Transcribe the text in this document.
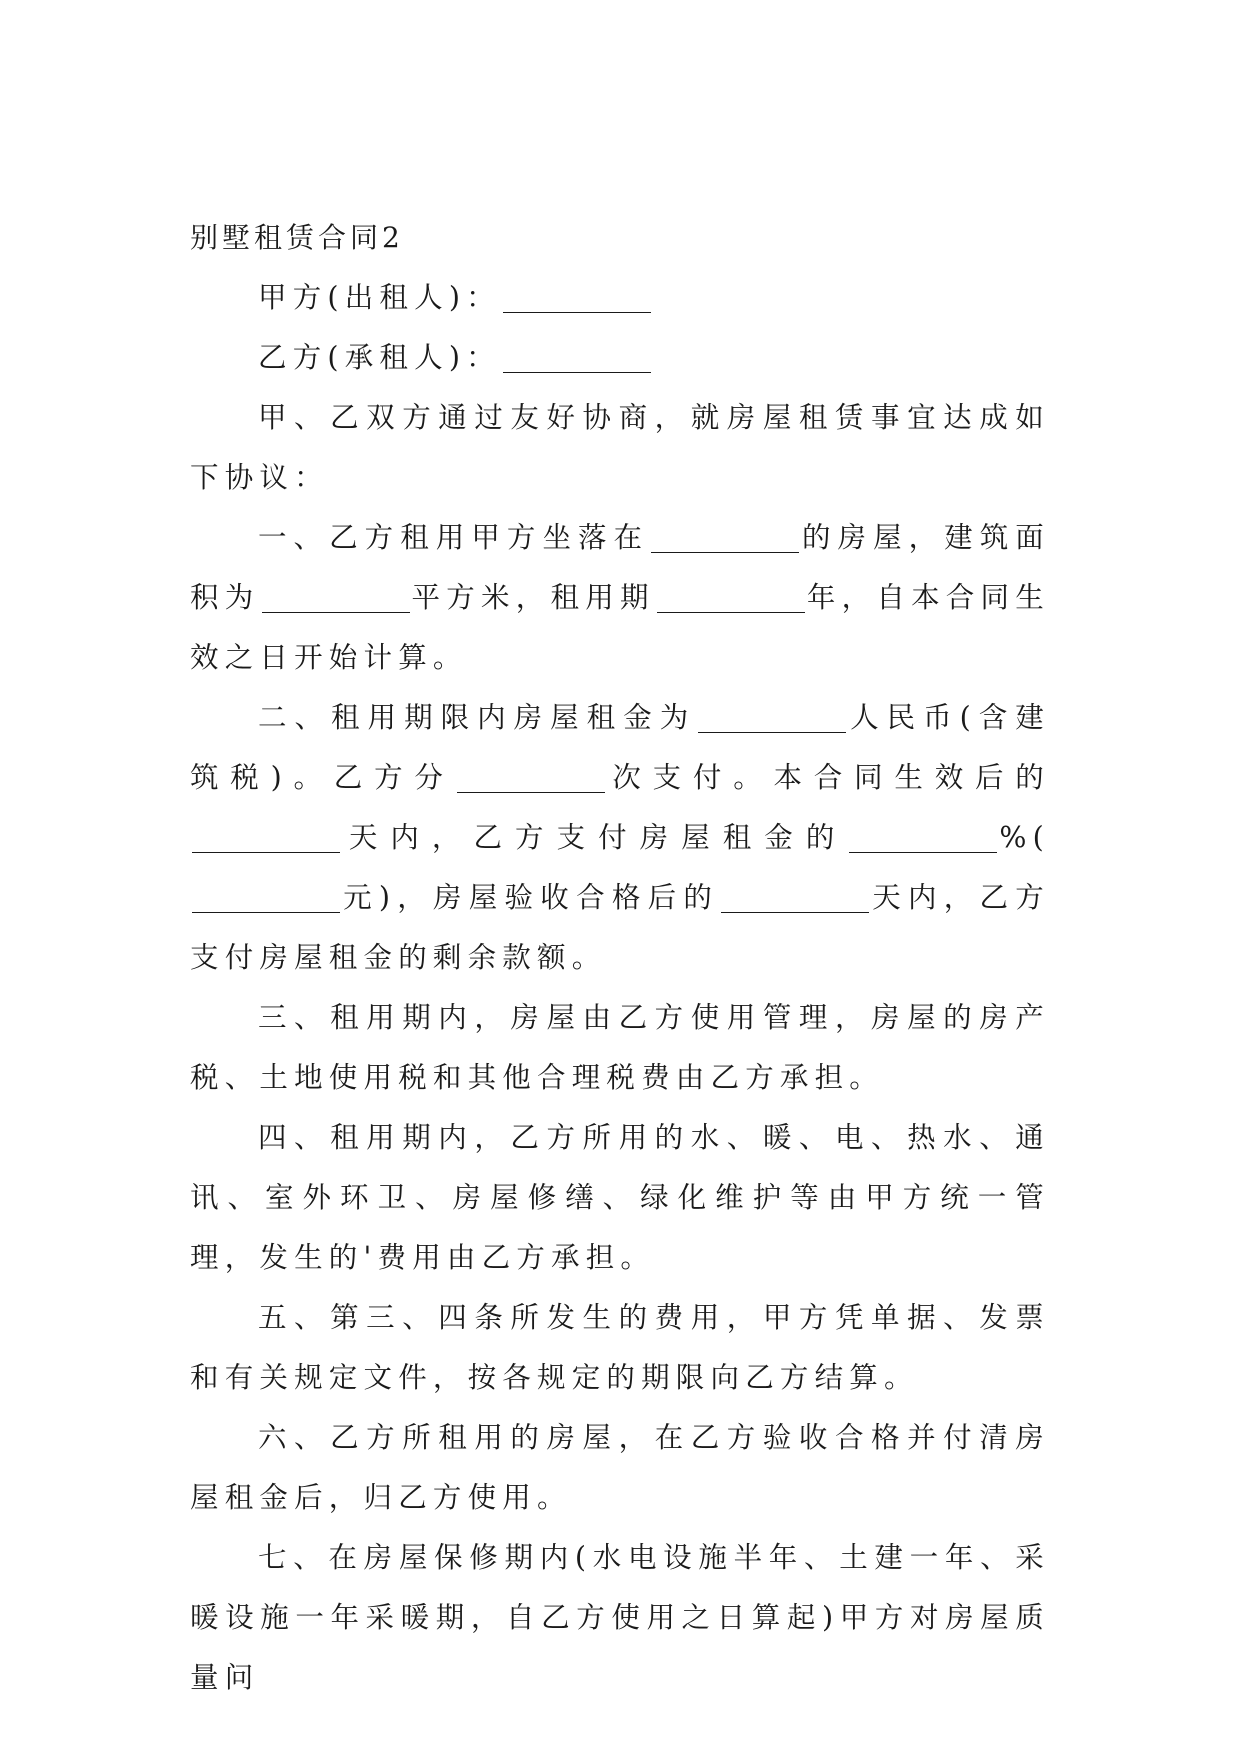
别墅租赁合同2

甲方(出租人)：

乙方(承租人)：

甲、乙双方通过友好协商，就房屋租赁事宜达成如下协议：

一、乙方租用甲方坐落在	的房屋，建筑面积为	平方米，租用期	年，自本合同生效之日开始计算。

二、租用期限内房屋租金为	人民币(含建筑税)。乙方分	次支付。本合同生效后的天内，乙方支付房屋租金的	%(元)，房屋验收合格后的	天内，乙方支付房屋租金的剩余款额。

三、租用期内，房屋由乙方使用管理，房屋的房产税、土地使用税和其他合理税费由乙方承担。

四、租用期内，乙方所用的水、暖、电、热水、通讯、室外环卫、房屋修缮、绿化维护等由甲方统一管理，发生的'费用由乙方承担。

五、第三、四条所发生的费用，甲方凭单据、发票和有关规定文件，按各规定的期限向乙方结算。

六、乙方所租用的房屋，在乙方验收合格并付清房屋租金后，归乙方使用。

七、在房屋保修期内(水电设施半年、土建一年、采暖设施一年采暖期，自乙方使用之日算起)甲方对房屋质量问
